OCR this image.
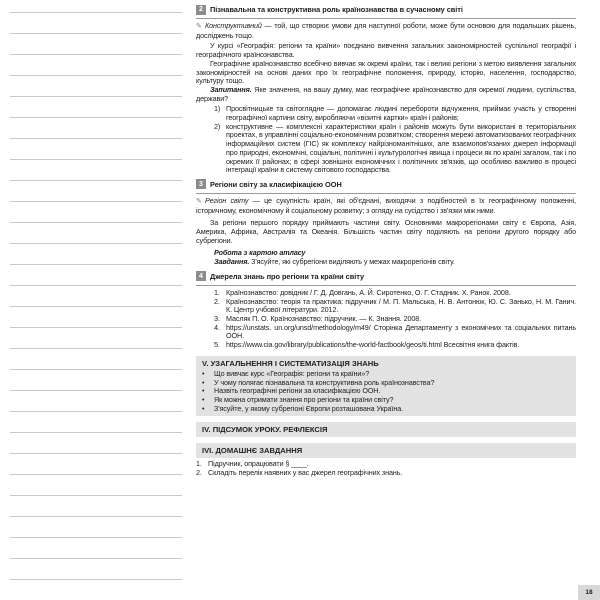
2 Пізнавальна та конструктивна роль країнознавства в сучасному світі

✎ Конструктивний — той, що створює умови для наступної роботи, може бути основою для подальших рішень, досліджень тощо.

У курсі «Географія: регіони та країни» поєднано вивчення загальних закономірностей суспільної географії і географічного країнознавства.

Географічне країнознавство всебічно вивчає як окремі країни, так і великі регіони з метою виявлення загальних закономірностей на основі даних про їх географічне положення, природу, історію, населення, господарство, культуру тощо.

Запитання. Яке значення, на вашу думку, має географічне країнознавство для окремої людини, суспільства, держави?

1) Просвітницьке та світоглядне — допомагає людині перебороти відчуження, приймає участь у створенні географічної картини світу, виробляючи «візитні картки» країн і районів;
2) конструктивне — комплексні характеристики країн і районів можуть бути використані в територіальних проектах, в управлінні соціально-економічним розвитком; створення мережі автоматизованих географічних інформаційних систем (ГІС) як комплексу найрізноманітніших, але взаємопов'язаних джерел інформації про природні, економічні, соціальні, політичні і культурологічні явища і процеси як по країні загалом, так і по окремих її районах; в сфері зовнішніх економічних і політичних зв'язків, що особливо важливо в процесі інтеграції країни в систему світового господарства.
3 Регіони світу за класифікацією ООН

✎ Регіон світу — це сукупність країн, які об'єднані, виходячи з подібностей в їх географічному положенні, історичному, економічному й соціальному розвитку; з огляду на сусідство і зв'язки між ними.

За регіони першого порядку приймають частини світу. Основними макрорегіонами світу є Європа, Азія, Америка, Африка, Австралія та Океанія. Більшість частин світу поділяють на регіони другого порядку або субрегіони.

Робота з картою атласу

Завдання. З'ясуйте, які субрегіони виділяють у межах макрорегіонів світу.

4 Джерела знань про регіони та країни світу
1. Країнознавство: довідник / Г. Д. Довгань, А. Й. Сиротенко, О. Г. Стадник. Х. Ранок. 2008.
2. Країнознавство: теорія та практика: підручник / М. П. Мальська, Н. В. Антонюк, Ю. С. Занько, Н. М. Ганич. К. Центр учбової літератури. 2012.
3. Масляк П. О. Країнознавство: підручник. — К. Знання. 2008.
4. https://unstats. un.org/unsd/methodology/m49/ Сторінка Департаменту з економічних та соціальних питань ООН.
5. https://www.cia.gov/library/publications/the-world-factbook/geos/ti.html Всесвітня книга фактів.
V. УЗАГАЛЬНЕННЯ І СИСТЕМАТИЗАЦІЯ ЗНАНЬ
•	Що вивчає курс «Географія: регіони та країни»?
•	У чому полягає пізнавальна та конструктивна роль країнознавства?
•	Назвіть географічні регіони за класифікацією ООН.
•	Як можна отримати знання про регіони та країни світу?
•	З'ясуйте, у якому субрегіоні Європи розташована Україна.
IV. ПІДСУМОК УРОКУ. РЕФЛЕКСІЯ
IVI. ДОМАШНЄ ЗАВДАННЯ
1. Підручник, опрацювати § ____.
2. Складіть перелік наявних у вас джерел географічних знань.
18
